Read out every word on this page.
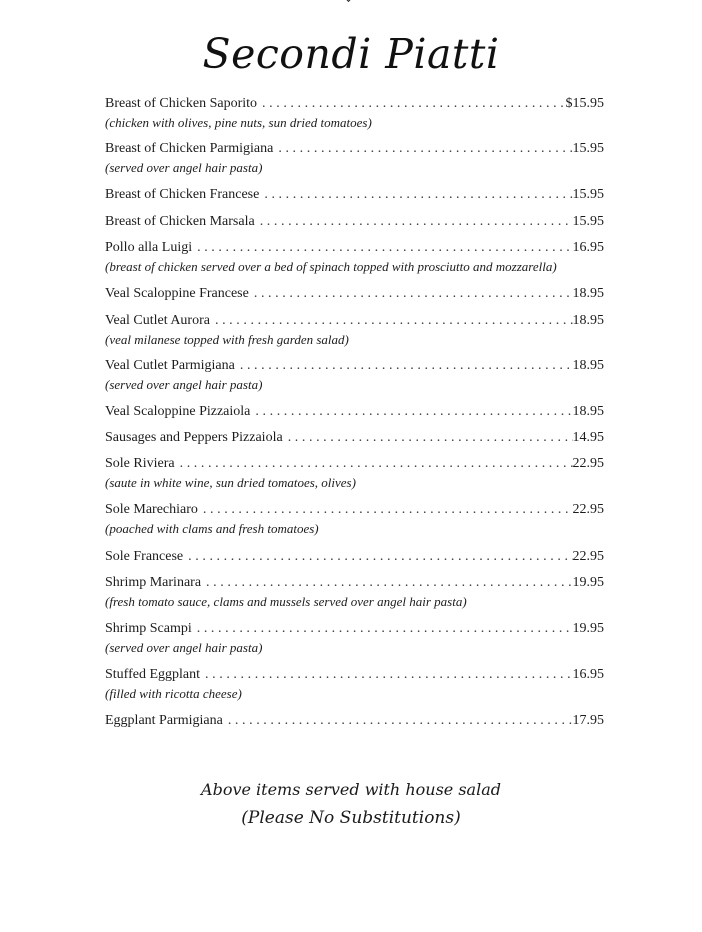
Secondi Piatti
Breast of Chicken Saporito .....	$15.95
(chicken with olives, pine nuts, sun dried tomatoes)
Breast of Chicken Parmigiana .....	15.95
(served over angel hair pasta)
Breast of Chicken Francese .....	15.95
Breast of Chicken Marsala .....	15.95
Pollo alla Luigi .....	16.95
(breast of chicken served over a bed of spinach topped with prosciutto and mozzarella)
Veal Scaloppine Francese .....	18.95
Veal Cutlet Aurora .....	18.95
(veal milanese topped with fresh garden salad)
Veal Cutlet Parmigiana .....	18.95
(served over angel hair pasta)
Veal Scaloppine Pizzaiola .....	18.95
Sausages and Peppers Pizzaiola .....	14.95
Sole Riviera .....	22.95
(saute in white wine, sun dried tomatoes, olives)
Sole Marechiaro .....	22.95
(poached with clams and fresh tomatoes)
Sole Francese .....	22.95
Shrimp Marinara .....	19.95
(fresh tomato sauce, clams and mussels served over angel hair pasta)
Shrimp Scampi .....	19.95
(served over angel hair pasta)
Stuffed Eggplant .....	16.95
(filled with ricotta cheese)
Eggplant Parmigiana .....	17.95
Above items served with house salad
(Please No Substitutions)
